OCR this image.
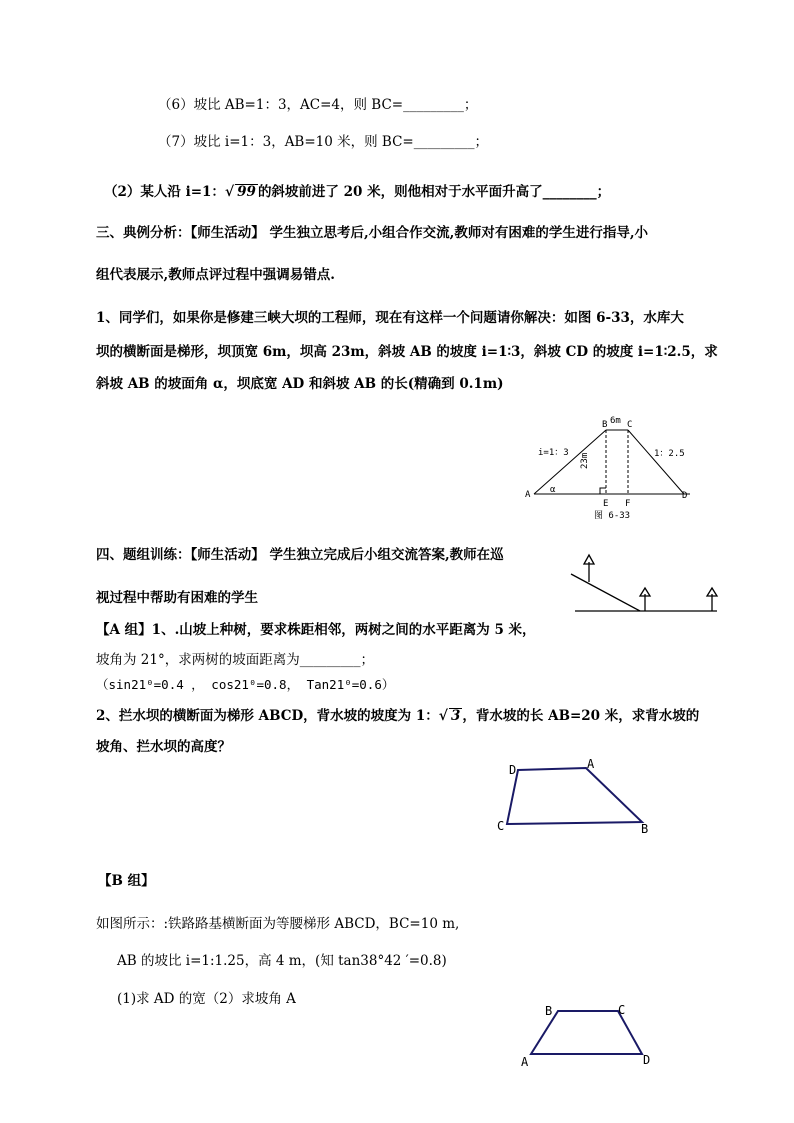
（6）坡比 AB=1：3，AC=4，则 BC=_________；
（7）坡比 i=1：3，AB=10 米，则 BC=_________；
（2）某人沿 i=1：√ 99 的斜坡前进了 20 米，则他相对于水平面升高了________；
三、典例分析：【师生活动】 学生独立思考后,小组合作交流,教师对有困难的学生进行指导,小
组代表展示,教师点评过程中强调易错点.
1、同学们，如果你是修建三峡大坝的工程师，现在有这样一个问题请你解决：如图 6-33，水库大
坝的横断面是梯形，坝顶宽 6m，坝高 23m，斜坡 AB 的坡度 i=1∶3，斜坡 CD 的坡度 i=1∶2.5，求
斜坡 AB 的坡面角 α，坝底宽 AD 和斜坡 AB 的长(精确到 0.1m)
A
B C
D
E F
6m
23m
i=1：3	1：2.5
α
图 6-33
四、题组训练：【师生活动】 学生独立完成后小组交流答案,教师在巡
视过程中帮助有困难的学生
【A 组】1、.山坡上种树，要求株距相邻，两树之间的水平距离为 5 米，
坡角为 21°，求两树的坡面距离为_________；
（sin21⁰=0.4 ， cos21⁰=0.8， Tan21⁰=0.6）
2、拦水坝的横断面为梯形 ABCD，背水坡的坡度为 1：√ 3 ，背水坡的长 AB=20 米，求背水坡的
坡角、拦水坝的高度？
D	A
C	B
【B 组】
如图所示：:铁路路基横断面为等腰梯形 ABCD，BC=10 m,
AB 的坡比 i=1:1.25，高 4 m，(知 tan38°42 ′=0.8)
(1)求 AD 的宽（2）求坡角 A
B	C
A	D
